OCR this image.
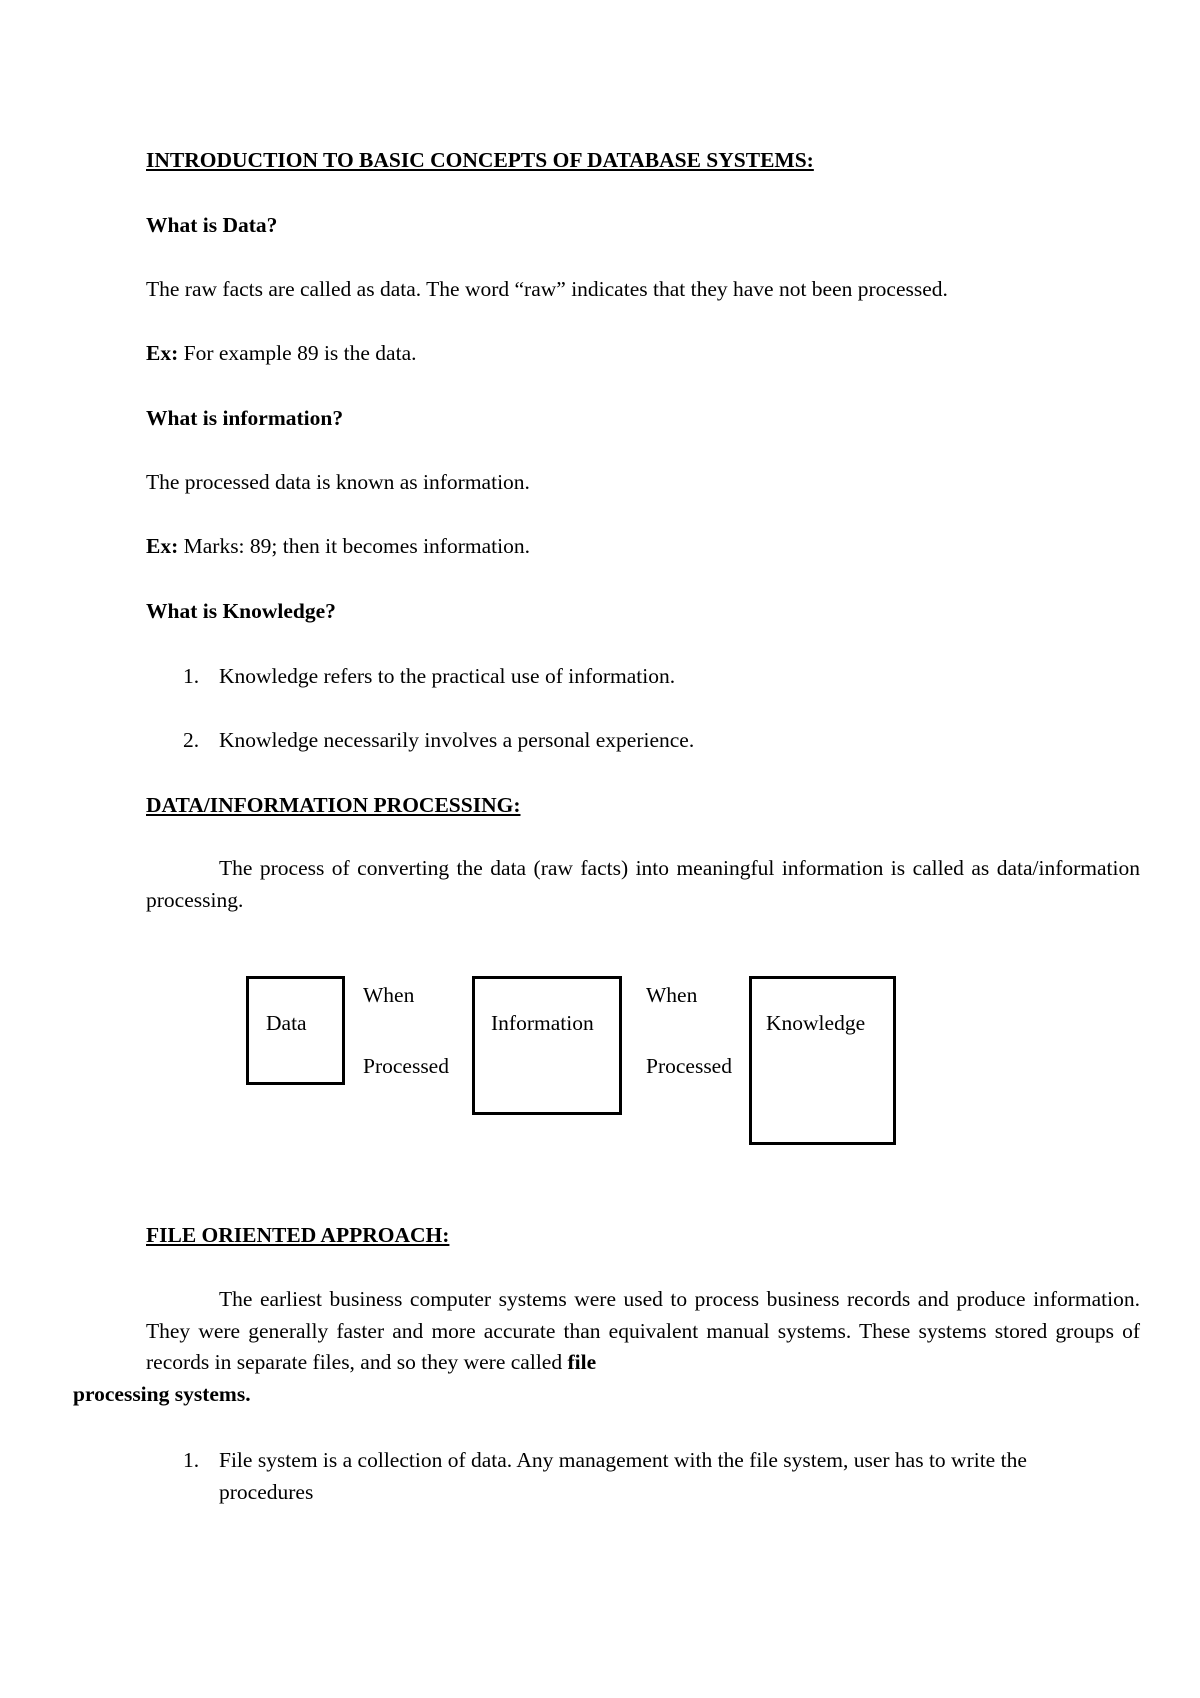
INTRODUCTION TO BASIC CONCEPTS OF DATABASE SYSTEMS:
What is Data?
The raw facts are called as data. The word “raw” indicates that they have not been processed.
Ex: For example 89 is the data.
What is information?
The processed data is known as information.
Ex: Marks: 89; then it becomes information.
What is Knowledge?
1. Knowledge refers to the practical use of information.
2. Knowledge necessarily involves a personal experience.
DATA/INFORMATION PROCESSING:
The process of converting the data (raw facts) into meaningful information is called as data/information processing.
Data
When
Processed
Information
When
Processed
Knowledge
FILE ORIENTED APPROACH:
The earliest business computer systems were used to process business records and produce information. They were generally faster and more accurate than equivalent manual systems. These systems stored groups of records in separate files, and so they were called file
processing systems.
1. File system is a collection of data. Any management with the file system, user has to write the
procedures
